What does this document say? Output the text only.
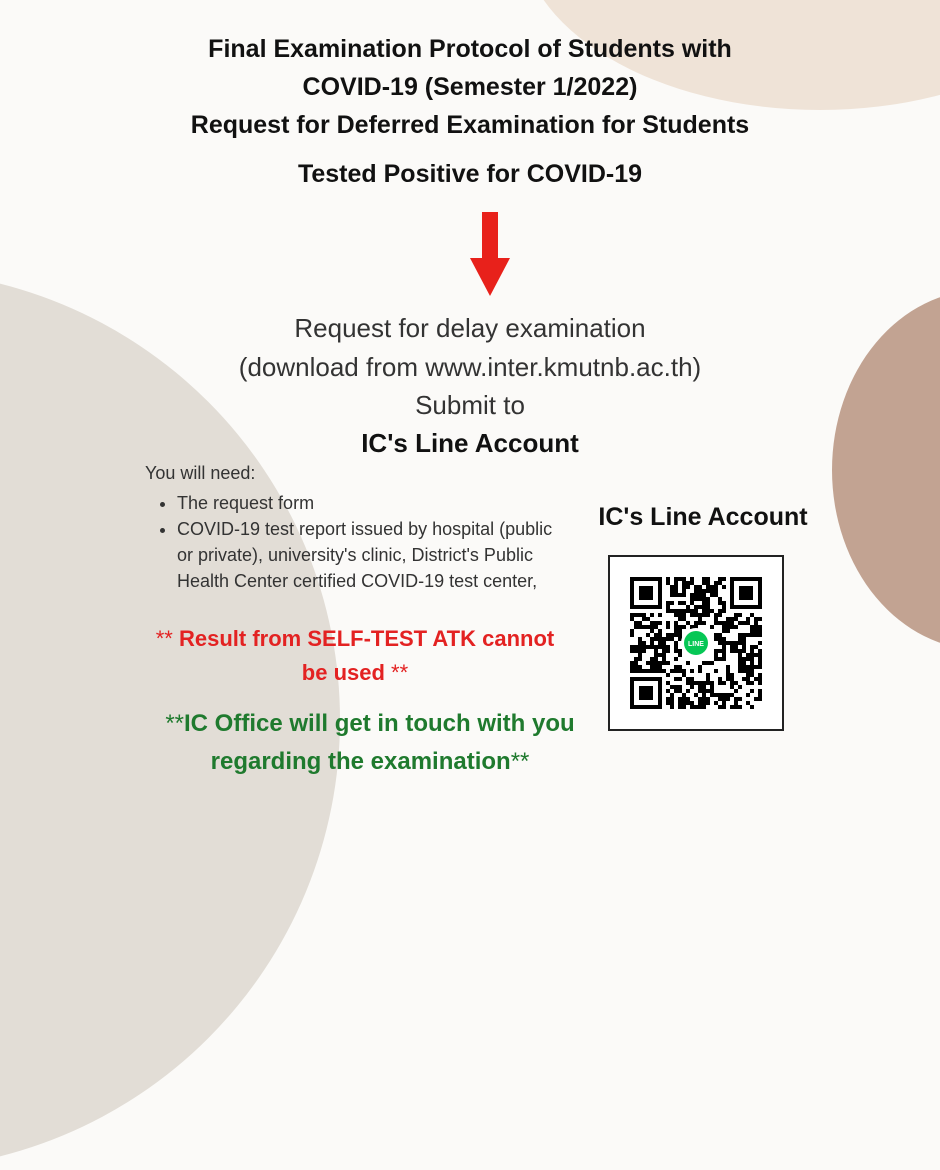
Final Examination Protocol of Students with
COVID-19 (Semester 1/2022)
Request for Deferred Examination for Students
Tested Positive for COVID-19
Request for delay examination
(download from www.inter.kmutnb.ac.th)
Submit to
IC's Line Account
You will need:
• The request form
• COVID-19 test report issued by hospital (public or private), university's clinic, District's Public Health Center certified COVID-19 test center,
** Result from SELF-TEST ATK cannot be used **
**IC Office will get in touch with you regarding the examination**
IC's Line Account
LINE
